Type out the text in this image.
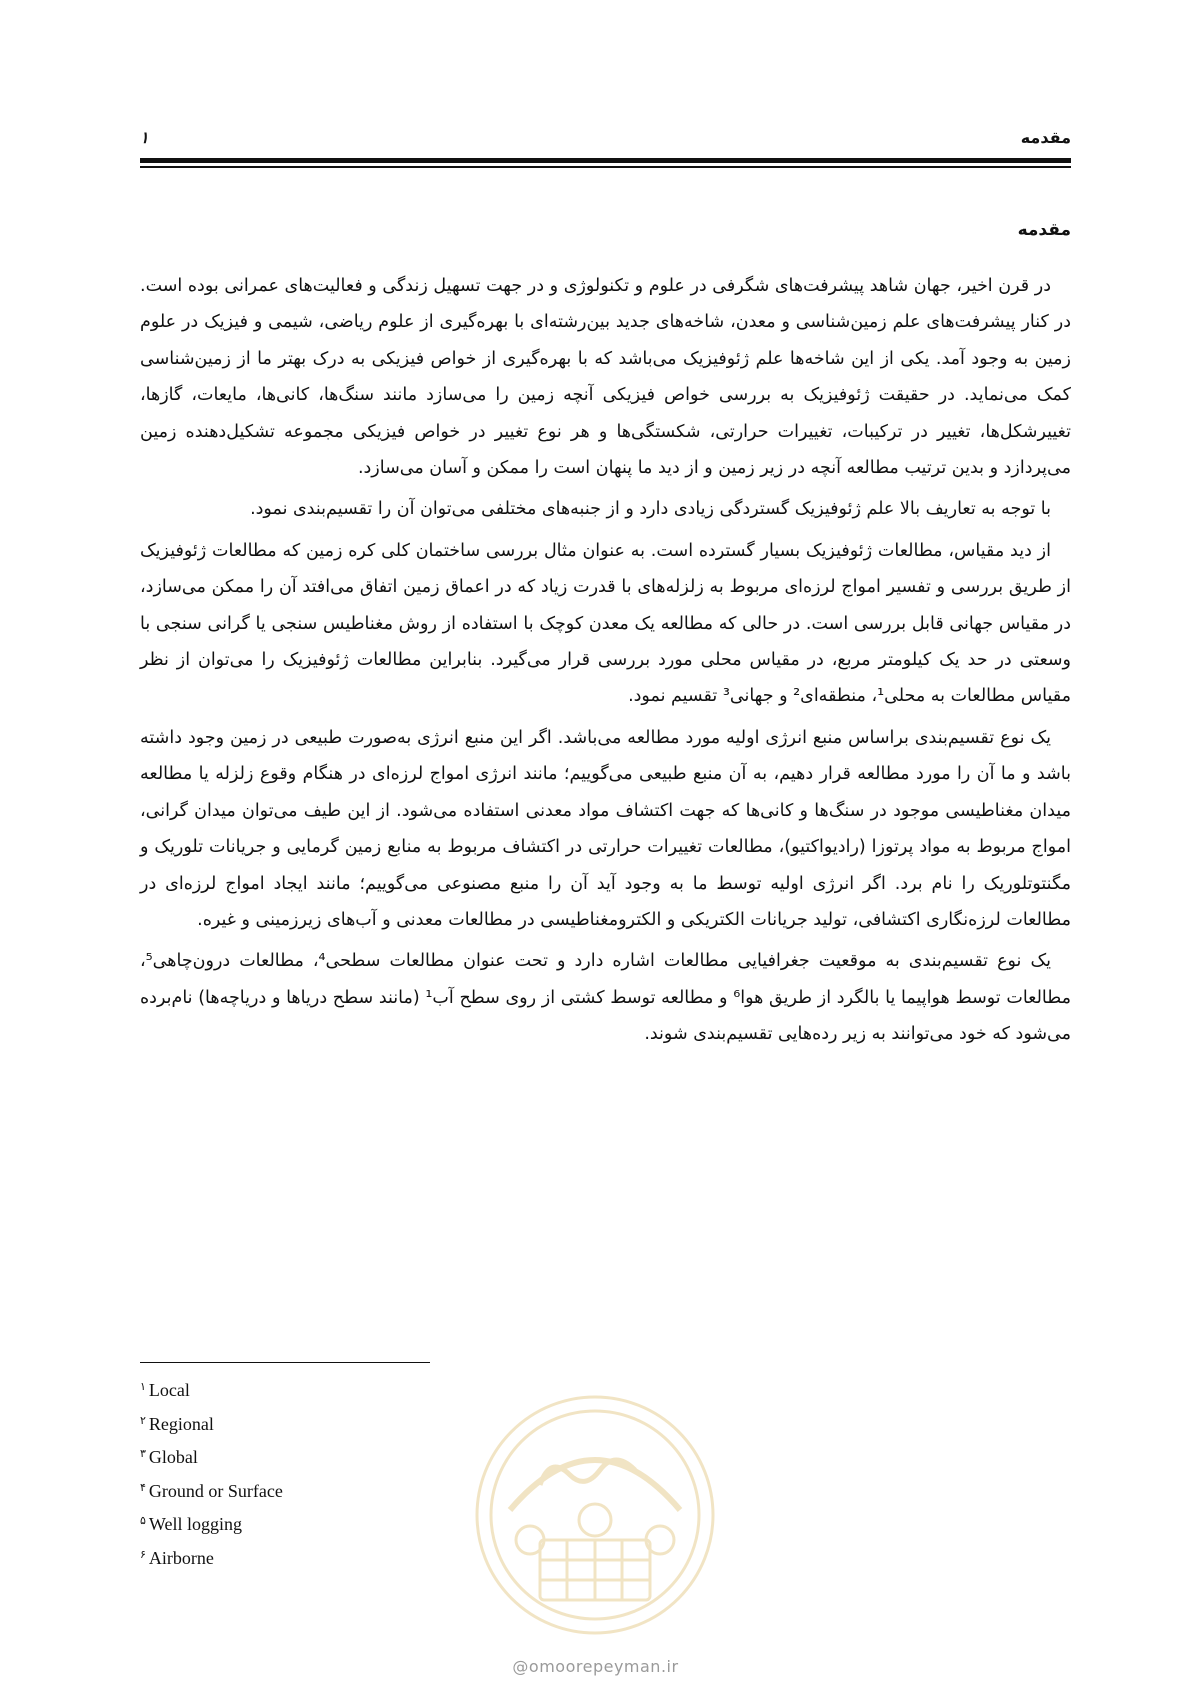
مقدمه
۱
مقدمه

در قرن اخیر، جهان شاهد پیشرفت‌های شگرفی در علوم و تکنولوژی و در جهت تسهیل زندگی و فعالیت‌های عمرانی بوده است. در کنار پیشرفت‌های علم زمین‌شناسی و معدن، شاخه‌های جدید بین‌رشته‌ای با بهره‌گیری از علوم ریاضی، شیمی و فیزیک در علوم زمین به وجود آمد. یکی از این شاخه‌ها علم ژئوفیزیک می‌باشد که با بهره‌گیری از خواص فیزیکی به درک بهتر ما از زمین‌شناسی کمک می‌نماید. در حقیقت ژئوفیزیک به بررسی خواص فیزیکی آنچه زمین را می‌سازد مانند سنگ‌ها، کانی‌ها، مایعات، گازها، تغییرشکل‌ها، تغییر در ترکیبات، تغییرات حرارتی، شکستگی‌ها و هر نوع تغییر در خواص فیزیکی مجموعه تشکیل‌دهنده زمین می‌پردازد و بدین ترتیب مطالعه آنچه در زیر زمین و از دید ما پنهان است را ممکن و آسان می‌سازد.

با توجه به تعاریف بالا علم ژئوفیزیک گستردگی زیادی دارد و از جنبه‌های مختلفی می‌توان آن را تقسیم‌بندی نمود.

از دید مقیاس، مطالعات ژئوفیزیک بسیار گسترده است. به عنوان مثال بررسی ساختمان کلی کره زمین که مطالعات ژئوفیزیک از طریق بررسی و تفسیر امواج لرزه‌ای مربوط به زلزله‌های با قدرت زیاد که در اعماق زمین اتفاق می‌افتد آن را ممکن می‌سازد، در مقیاس جهانی قابل بررسی است. در حالی که مطالعه یک معدن کوچک با استفاده از روش مغناطیس سنجی یا گرانی سنجی با وسعتی در حد یک کیلومتر مربع، در مقیاس محلی مورد بررسی قرار می‌گیرد. بنابراین مطالعات ژئوفیزیک را می‌توان از نظر مقیاس مطالعات به محلی¹، منطقه‌ای² و جهانی³ تقسیم نمود.

یک نوع تقسیم‌بندی براساس منبع انرژی اولیه مورد مطالعه می‌باشد. اگر این منبع انرژی به‌صورت طبیعی در زمین وجود داشته باشد و ما آن را مورد مطالعه قرار دهیم، به آن منبع طبیعی می‌گوییم؛ مانند انرژی امواج لرزه‌ای در هنگام وقوع زلزله یا مطالعه میدان مغناطیسی موجود در سنگ‌ها و کانی‌ها که جهت اکتشاف مواد معدنی استفاده می‌شود. از این طیف می‌توان میدان گرانی، امواج مربوط به مواد پرتوزا (رادیواکتیو)، مطالعات تغییرات حرارتی در اکتشاف مربوط به منابع زمین گرمایی و جریانات تلوریک و مگنتوتلوریک را نام برد. اگر انرژی اولیه توسط ما به وجود آید آن را منبع مصنوعی می‌گوییم؛ مانند ایجاد امواج لرزه‌ای در مطالعات لرزه‌نگاری اکتشافی، تولید جریانات الکتریکی و الکترومغناطیسی در مطالعات معدنی و آب‌های زیرزمینی و غیره.

یک نوع تقسیم‌بندی به موقعیت جغرافیایی مطالعات اشاره دارد و تحت عنوان مطالعات سطحی⁴، مطالعات درون‌چاهی⁵، مطالعات توسط هواپیما یا بالگرد از طریق هوا⁶ و مطالعه توسط کشتی از روی سطح آب¹ (مانند سطح دریاها و دریاچه‌ها) نام‌برده می‌شود که خود می‌توانند به زیر رده‌هایی تقسیم‌بندی شوند.

$^۱$ Local
$^۲$ Regional
$^۳$ Global
$^۴$ Ground or Surface
$^۵$ Well logging
$^۶$ Airborne
@omoorepeyman.ir
